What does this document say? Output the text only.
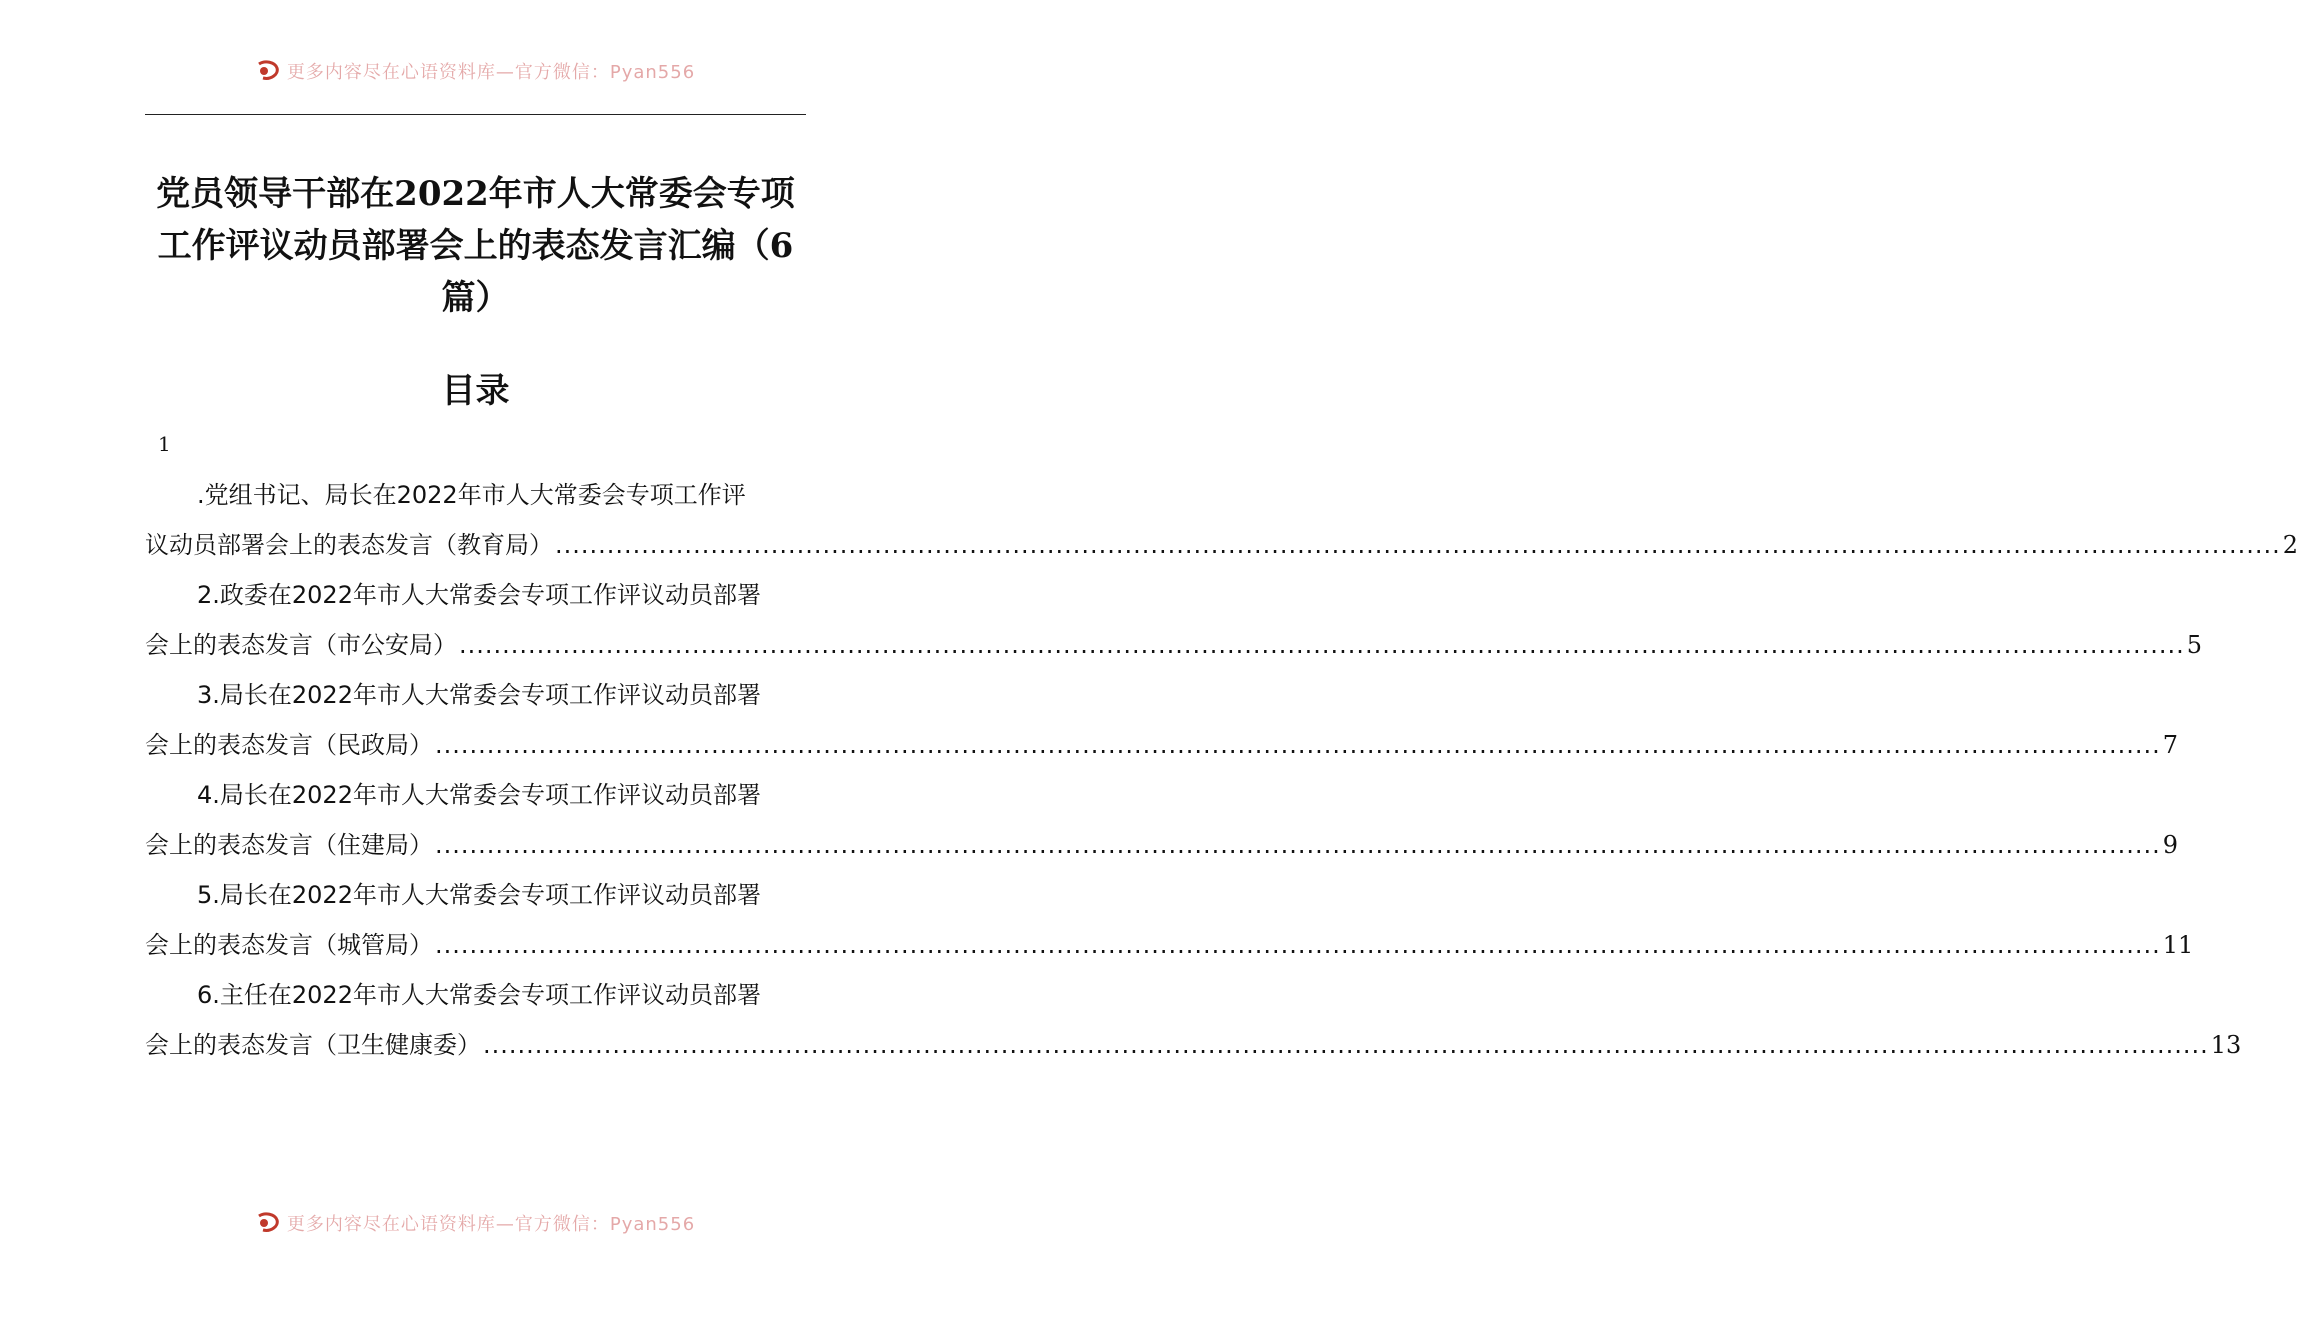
更多内容尽在心语资料库—官方微信：Pyan556
党员领导干部在2022年市人大常委会专项
工作评议动员部署会上的表态发言汇编（6
篇）
目录
1
.党组书记、局长在2022年市人大常委会专项工作评
议动员部署会上的表态发言（教育局） ........................................................................................................................................................................................................ 2
2.政委在2022年市人大常委会专项工作评议动员部署
会上的表态发言（市公安局） ........................................................................................................................................................................................................ 5
3.局长在2022年市人大常委会专项工作评议动员部署
会上的表态发言（民政局） ........................................................................................................................................................................................................ 7
4.局长在2022年市人大常委会专项工作评议动员部署
会上的表态发言（住建局） ........................................................................................................................................................................................................ 9
5.局长在2022年市人大常委会专项工作评议动员部署
会上的表态发言（城管局） ........................................................................................................................................................................................................ 11
6.主任在2022年市人大常委会专项工作评议动员部署
会上的表态发言（卫生健康委） ........................................................................................................................................................................................................ 13
更多内容尽在心语资料库—官方微信：Pyan556
